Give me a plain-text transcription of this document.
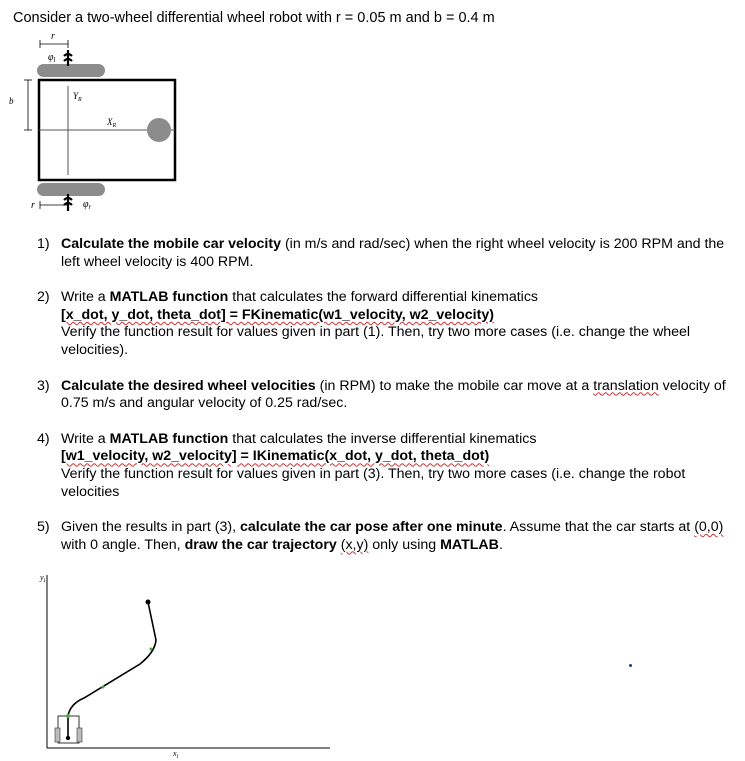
Consider a two-wheel differential wheel robot with r = 0.05 m and b = 0.4 m
r
$\varphi_l$
b	$Y_R$
$X_R$
r	$\varphi_r$
$y_I$
$x_I$
1) Calculate the mobile car velocity (in m/s and rad/sec) when the right wheel velocity is 200 RPM and the left wheel velocity is 400 RPM.
2) Write a MATLAB function that calculates the forward differential kinematics
[x_dot, y_dot, theta_dot] = FKinematic(w1_velocity, w2_velocity)
Verify the function result for values given in part (1). Then, try two more cases (i.e. change the wheel velocities).
3) Calculate the desired wheel velocities (in RPM) to make the mobile car move at a translation velocity of 0.75 m/s and angular velocity of 0.25 rad/sec.
4) Write a MATLAB function that calculates the inverse differential kinematics
[w1_velocity, w2_velocity] = IKinematic(x_dot, y_dot, theta_dot)
Verify the function result for values given in part (3). Then, try two more cases (i.e. change the robot velocities
5) Given the results in part (3), calculate the car pose after one minute. Assume that the car starts at (0,0) with 0 angle. Then, draw the car trajectory (x,y) only using MATLAB.
